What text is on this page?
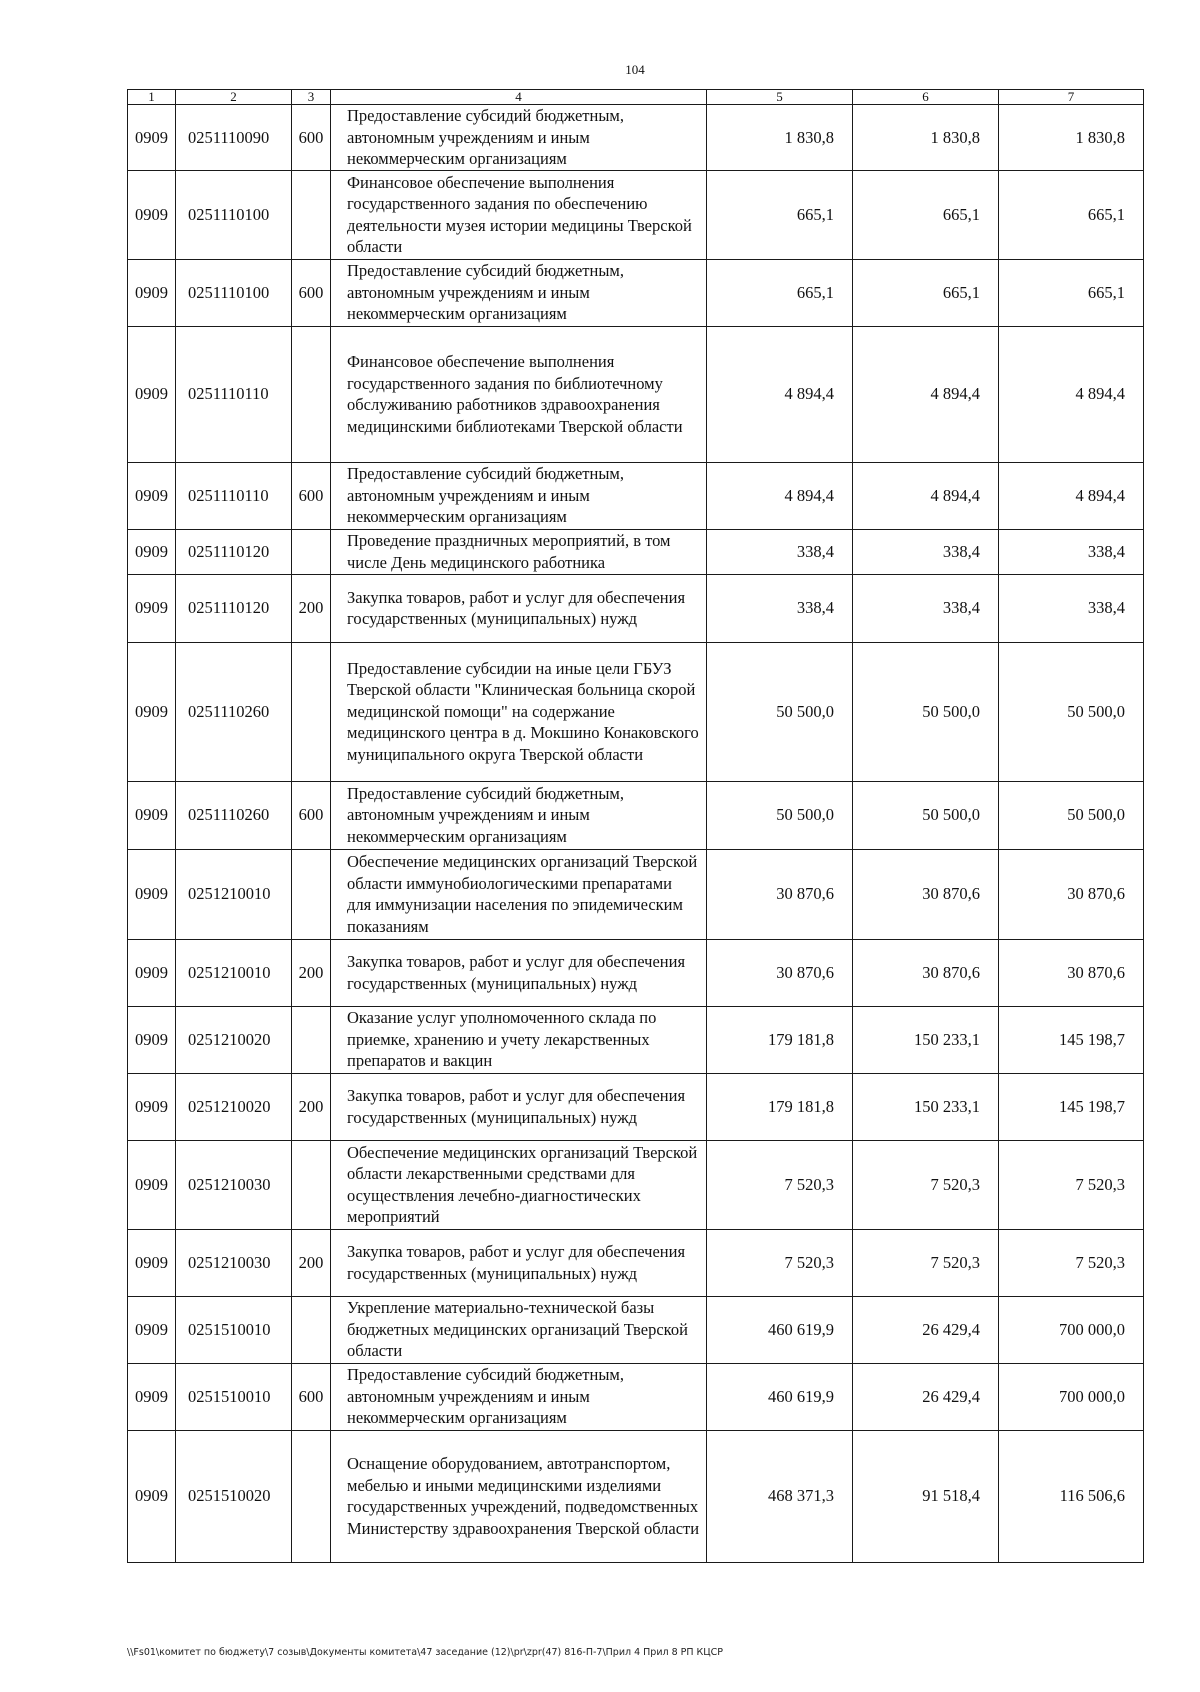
104
1	2	3	4	5	6	7
0909	0251110090	600	Предоставление субсидий бюджетным, автономным учреждениям и иным некоммерческим организациям	1 830,8	1 830,8	1 830,8
0909	0251110100		Финансовое обеспечение выполнения государственного задания по обеспечению деятельности музея истории медицины Тверской области	665,1	665,1	665,1
0909	0251110100	600	Предоставление субсидий бюджетным, автономным учреждениям и иным некоммерческим организациям	665,1	665,1	665,1
0909	0251110110		Финансовое обеспечение выполнения государственного задания по библиотечному обслуживанию работников здравоохранения медицинскими библиотеками Тверской области	4 894,4	4 894,4	4 894,4
0909	0251110110	600	Предоставление субсидий бюджетным, автономным учреждениям и иным некоммерческим организациям	4 894,4	4 894,4	4 894,4
0909	0251110120		Проведение праздничных мероприятий, в том числе День медицинского работника	338,4	338,4	338,4
0909	0251110120	200	Закупка товаров, работ и услуг для обеспечения государственных (муниципальных) нужд	338,4	338,4	338,4
0909	0251110260		Предоставление субсидии на иные цели ГБУЗ Тверской области "Клиническая больница скорой медицинской помощи" на содержание медицинского центра в д. Мокшино Конаковского муниципального округа Тверской области	50 500,0	50 500,0	50 500,0
0909	0251110260	600	Предоставление субсидий бюджетным, автономным учреждениям и иным некоммерческим организациям	50 500,0	50 500,0	50 500,0
0909	0251210010		Обеспечение медицинских организаций Тверской области иммунобиологическими препаратами для иммунизации населения по эпидемическим показаниям	30 870,6	30 870,6	30 870,6
0909	0251210010	200	Закупка товаров, работ и услуг для обеспечения государственных (муниципальных) нужд	30 870,6	30 870,6	30 870,6
0909	0251210020		Оказание услуг уполномоченного склада по приемке, хранению и учету лекарственных препаратов и вакцин	179 181,8	150 233,1	145 198,7
0909	0251210020	200	Закупка товаров, работ и услуг для обеспечения государственных (муниципальных) нужд	179 181,8	150 233,1	145 198,7
0909	0251210030		Обеспечение медицинских организаций Тверской области лекарственными средствами для осуществления лечебно-диагностических мероприятий	7 520,3	7 520,3	7 520,3
0909	0251210030	200	Закупка товаров, работ и услуг для обеспечения государственных (муниципальных) нужд	7 520,3	7 520,3	7 520,3
0909	0251510010		Укрепление материально-технической базы бюджетных медицинских организаций Тверской области	460 619,9	26 429,4	700 000,0
0909	0251510010	600	Предоставление субсидий бюджетным, автономным учреждениям и иным некоммерческим организациям	460 619,9	26 429,4	700 000,0
0909	0251510020		Оснащение оборудованием, автотранспортом, мебелью и иными медицинскими изделиями государственных учреждений, подведомственных Министерству здравоохранения Тверской области	468 371,3	91 518,4	116 506,6
\\Fs01\комитет по бюджету\7 созыв\Документы комитета\47 заседание (12)\pr\zpr(47) 816-П-7\Прил 4 Прил 8 РП КЦСР
